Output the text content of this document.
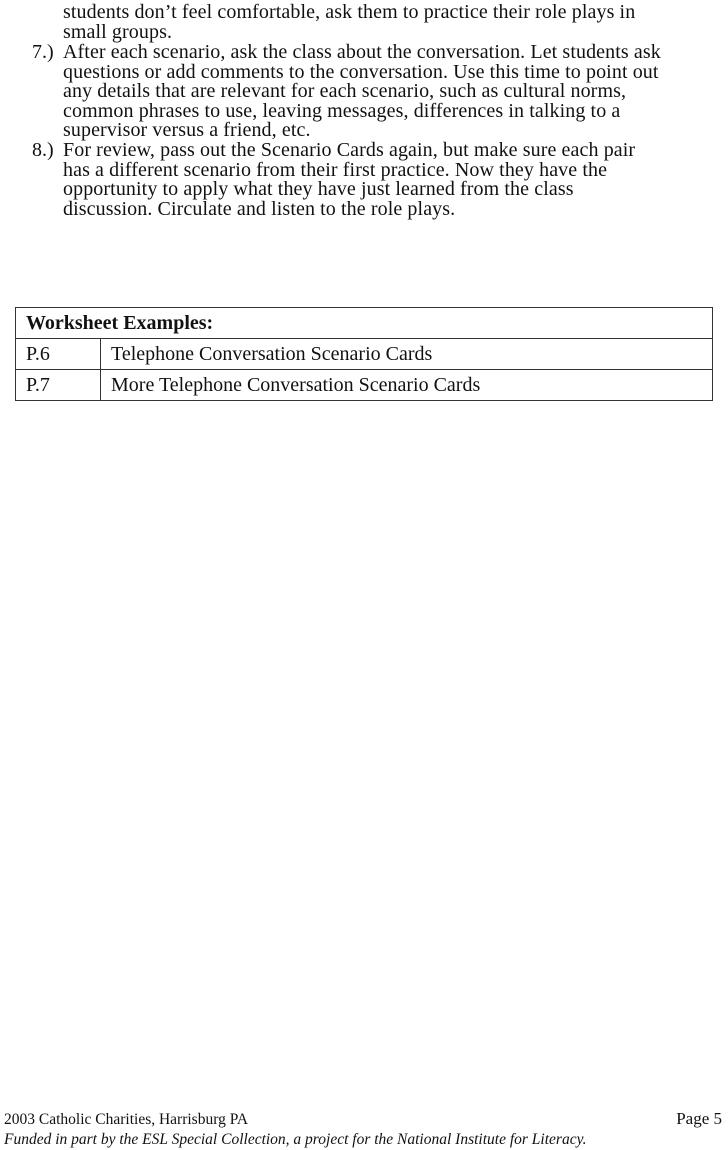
students don’t feel comfortable, ask them to practice their role plays in
small groups.
7.) After each scenario, ask the class about the conversation. Let students ask
questions or add comments to the conversation. Use this time to point out
any details that are relevant for each scenario, such as cultural norms,
common phrases to use, leaving messages, differences in talking to a
supervisor versus a friend, etc.
8.) For review, pass out the Scenario Cards again, but make sure each pair
has a different scenario from their first practice. Now they have the
opportunity to apply what they have just learned from the class
discussion. Circulate and listen to the role plays.
Worksheet Examples:	
P.6	Telephone Conversation Scenario Cards
P.7	More Telephone Conversation Scenario Cards
2003 Catholic Charities, Harrisburg PA	Page 5
Funded in part by the ESL Special Collection, a project for the National Institute for Literacy.
